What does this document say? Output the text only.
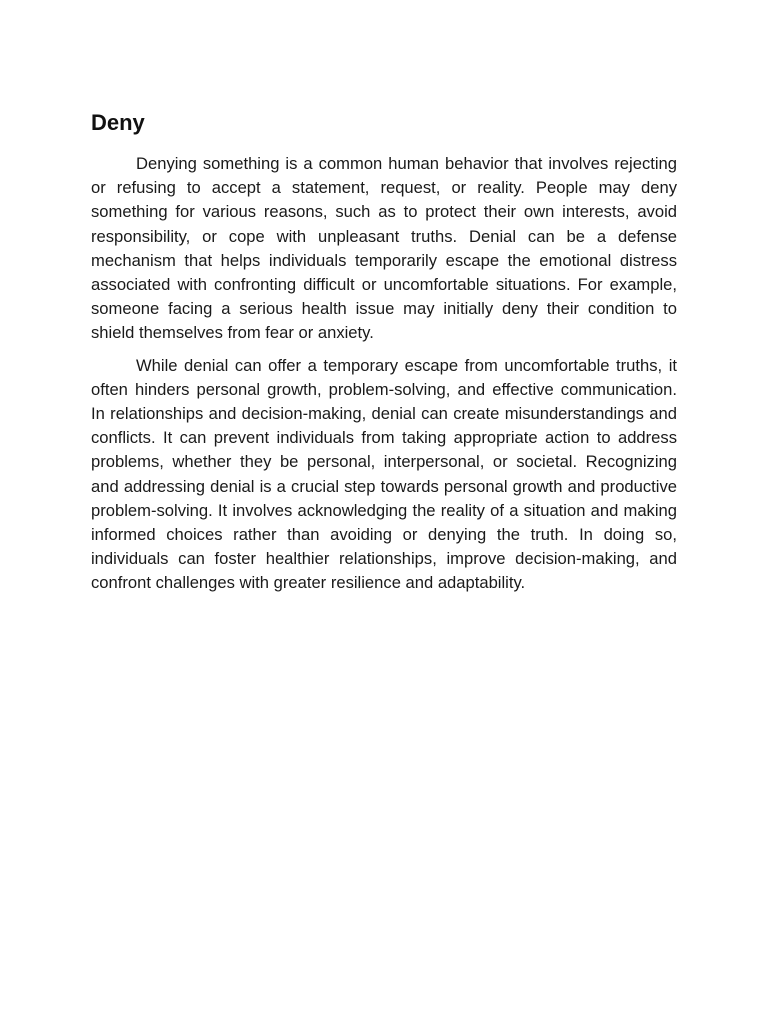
Deny

Denying something is a common human behavior that involves rejecting or refusing to accept a statement, request, or reality. People may deny something for various reasons, such as to protect their own interests, avoid responsibility, or cope with unpleasant truths. Denial can be a defense mechanism that helps individuals temporarily escape the emotional distress associated with confronting difficult or uncomfortable situations. For example, someone facing a serious health issue may initially deny their condition to shield themselves from fear or anxiety.

While denial can offer a temporary escape from uncomfortable truths, it often hinders personal growth, problem-solving, and effective communication. In relationships and decision-making, denial can create misunderstandings and conflicts. It can prevent individuals from taking appropriate action to address problems, whether they be personal, interpersonal, or societal. Recognizing and addressing denial is a crucial step towards personal growth and productive problem-solving. It involves acknowledging the reality of a situation and making informed choices rather than avoiding or denying the truth. In doing so, individuals can foster healthier relationships, improve decision-making, and confront challenges with greater resilience and adaptability.
